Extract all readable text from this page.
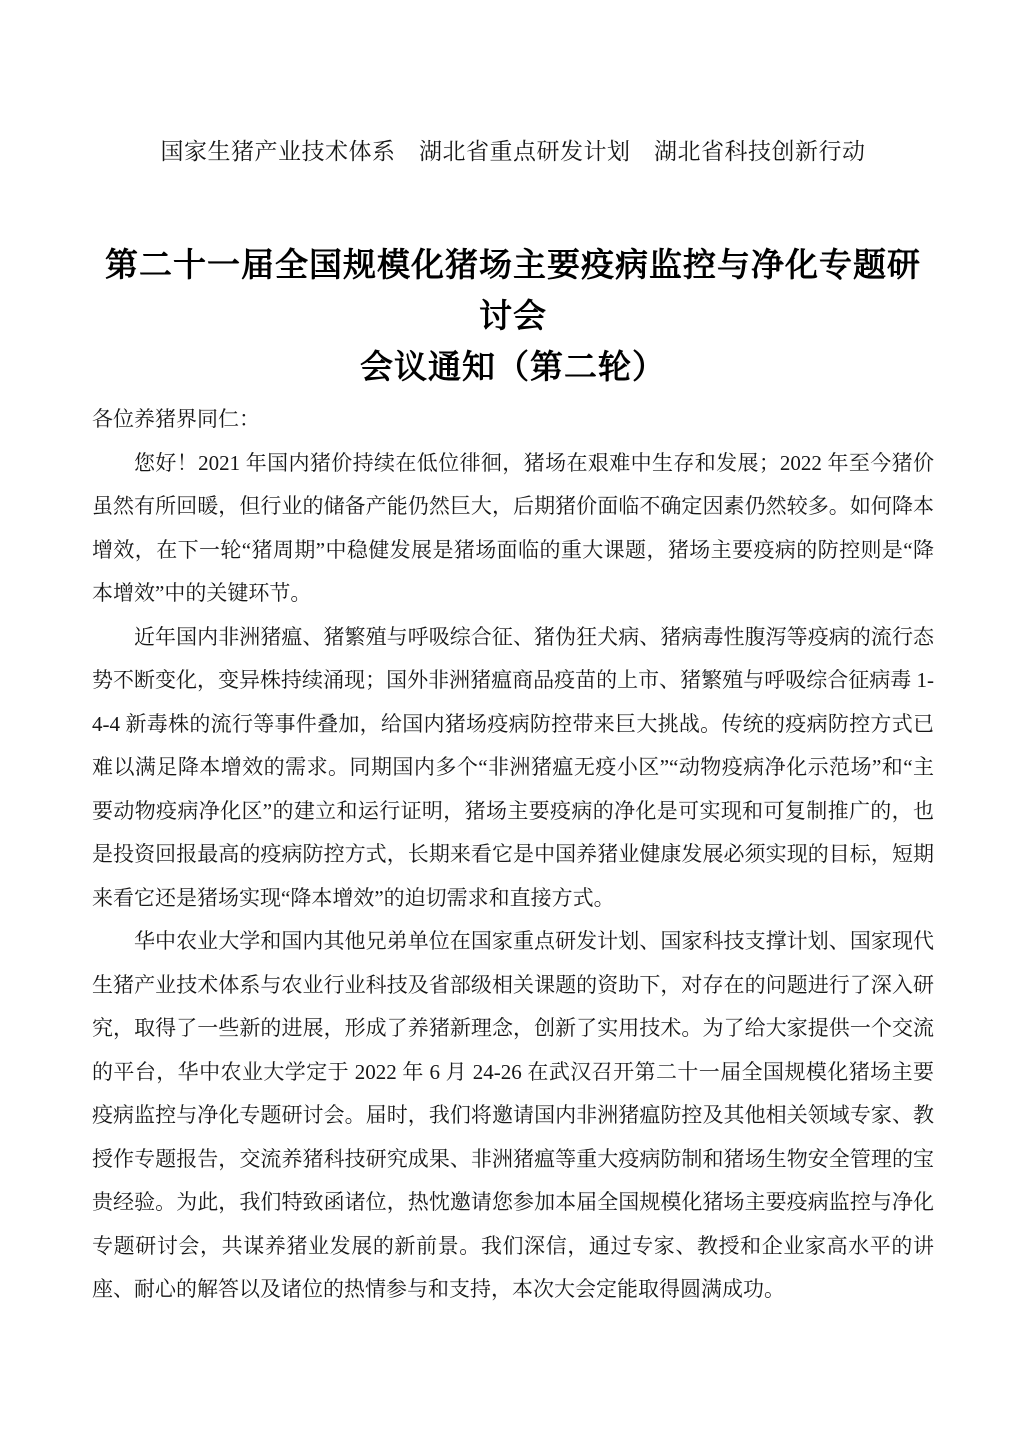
国家生猪产业技术体系　湖北省重点研发计划　湖北省科技创新行动
第二十一届全国规模化猪场主要疫病监控与净化专题研讨会
会议通知（第二轮）

各位养猪界同仁：

您好！2021 年国内猪价持续在低位徘徊，猪场在艰难中生存和发展；2022 年至今猪价虽然有所回暖，但行业的储备产能仍然巨大，后期猪价面临不确定因素仍然较多。如何降本增效，在下一轮“猪周期”中稳健发展是猪场面临的重大课题，猪场主要疫病的防控则是“降本增效”中的关键环节。

近年国内非洲猪瘟、猪繁殖与呼吸综合征、猪伪狂犬病、猪病毒性腹泻等疫病的流行态势不断变化，变异株持续涌现；国外非洲猪瘟商品疫苗的上市、猪繁殖与呼吸综合征病毒 1-4-4 新毒株的流行等事件叠加，给国内猪场疫病防控带来巨大挑战。传统的疫病防控方式已难以满足降本增效的需求。同期国内多个“非洲猪瘟无疫小区”“动物疫病净化示范场”和“主要动物疫病净化区”的建立和运行证明，猪场主要疫病的净化是可实现和可复制推广的，也是投资回报最高的疫病防控方式，长期来看它是中国养猪业健康发展必须实现的目标，短期来看它还是猪场实现“降本增效”的迫切需求和直接方式。

华中农业大学和国内其他兄弟单位在国家重点研发计划、国家科技支撑计划、国家现代生猪产业技术体系与农业行业科技及省部级相关课题的资助下，对存在的问题进行了深入研究，取得了一些新的进展，形成了养猪新理念，创新了实用技术。为了给大家提供一个交流的平台，华中农业大学定于 2022 年 6 月 24-26 在武汉召开第二十一届全国规模化猪场主要疫病监控与净化专题研讨会。届时，我们将邀请国内非洲猪瘟防控及其他相关领域专家、教授作专题报告，交流养猪科技研究成果、非洲猪瘟等重大疫病防制和猪场生物安全管理的宝贵经验。为此，我们特致函诸位，热忱邀请您参加本届全国规模化猪场主要疫病监控与净化专题研讨会，共谋养猪业发展的新前景。我们深信，通过专家、教授和企业家高水平的讲座、耐心的解答以及诸位的热情参与和支持，本次大会定能取得圆满成功。
